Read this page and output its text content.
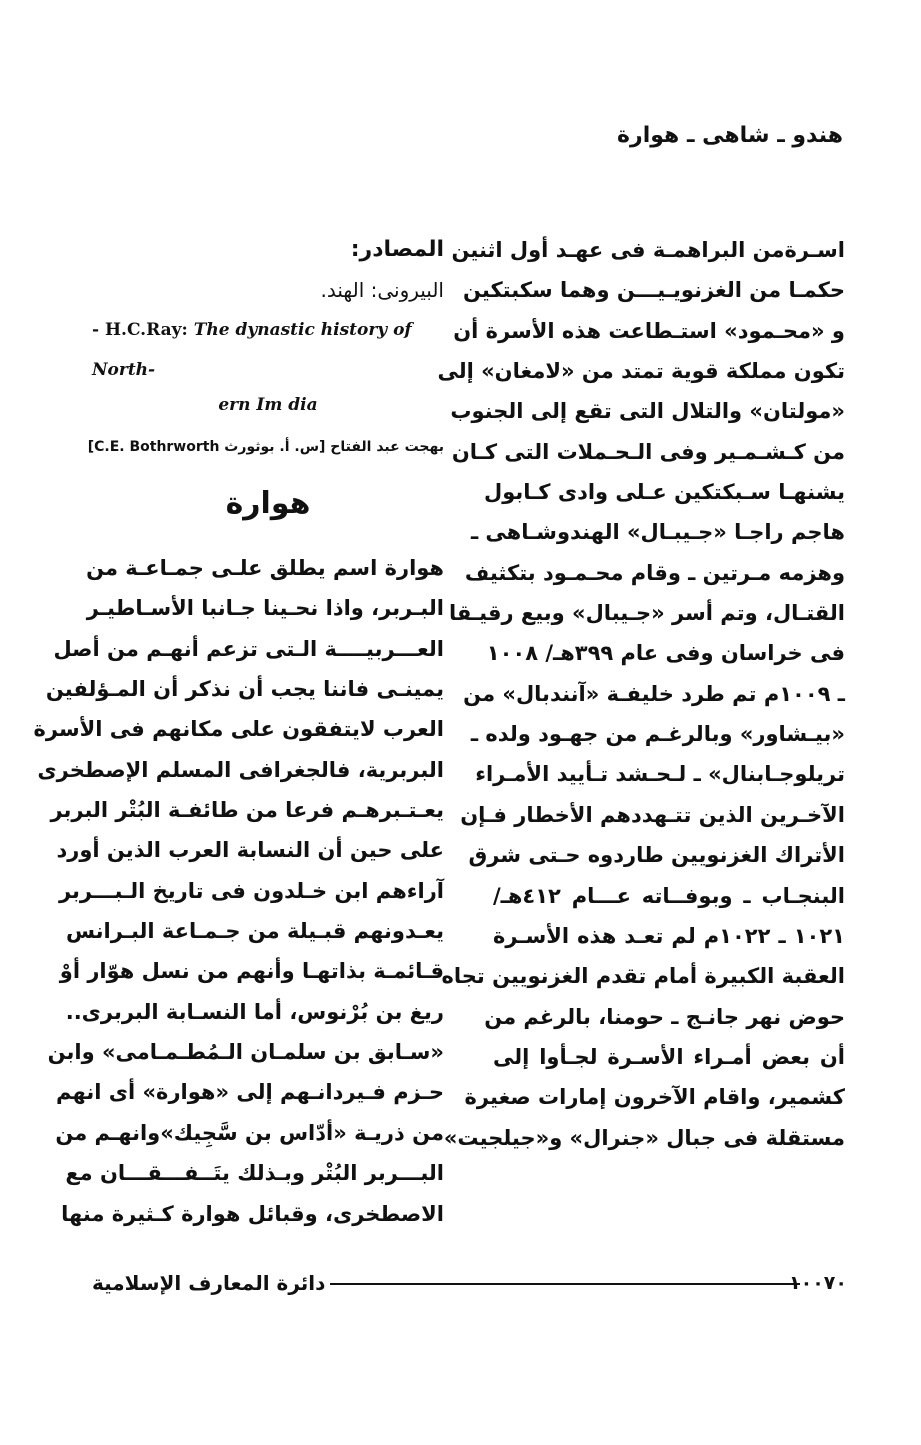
هندو ـ شاهى ـ هوارة
اسـرةمن البراهمـة فى عهـد أول اثنين
حكمـا من الغزنويـيـــن وهما سكبتكين
و «محـمود» استـطاعت هذه الأسرة أن
تكون مملكة قوية تمتد من «لامغان» إلى
«مولتان» والتلال التى تقع إلى الجنوب
من كـشـمـير وفى الـحـملات التى كـان
يشنهـا سـبكتكين عـلى وادى كـابول
هاجم راجـا «جـيبـال» الهندوشـاهى ـ
وهزمه مـرتين ـ وقام محـمـود بتكثيف
القتـال، وتم أسر «جـيبال» وبيع رقيـقا
فى خراسان وفى عام ٣٩٩هـ/ ١٠٠٨
ـ ١٠٠٩م تم طرد خليفـة «آنندبال» من
«بيـشاور» وبالرغـم من جهـود ولده ـ
تريلوجـابنال» ـ لـحـشد تـأييد الأمـراء
الآخـرين الذين تتـهددهم الأخطار فـإن
الأتراك الغزنويين طاردوه حـتى شرق
البنجـاب ـ وبوفــاته عـــام ٤١٢هـ/
١٠٢١ ـ ١٠٢٢م لم تعـد هذه الأسـرة
العقبة الكبيرة أمام تقدم الغزنويين تجاه
حوض نهر جانـج ـ حومنا، بالرغم من
أن بعض أمـراء الأسـرة لجـأوا إلى
كشمير، واقام الآخرون إمارات صغيرة
مستقلة فى جبال «جنرال» و«جيلجيت»
المصادر:
البيرونى: الهند.
- H.C.Ray: The dynastic history of North-
ern Im dia
بهجت عبد الفتاح [س. أ. بوثورث C.E. Bothrworth]
هوارة
هوارة اسم يطلق علـى جمـاعـة من
البـربر، واذا نحـينا جـانبا الأسـاطيـر
العـــربيــــة الـتى تزعم أنهـم من أصل
يمينـى فاننا يجب أن نذكر أن المـؤلفين
العرب لايتفقون على مكانهم فى الأسرة
البربرية، فالجغرافى المسلم الإصطخرى
يعـتـبرهـم فرعا من طائفـة البُتْر البربر
على حين أن النسابة العرب الذين أورد
آراءهم ابن خـلدون فى تاريخ الـبـــربر
يعـدونهم قبـيلة من جـمـاعة البـرانس
قـائمـة بذاتهـا وأنهم من نسل هوّار أوْ
ريغ بن بُرْنوس، أما النسـابة البربرى..
«سـابق بن سلمـان الـمُطـمـامى» وابن
حـزم فـيردانـهم إلى «هوارة» أى انهم
من ذريـة «أدّاس بن سَّجِيك»وانهـم من
البـــربر البُتْر وبـذلك يتَــفـــقـــان مع
الاصطخرى، وقبائل هوارة كـثيرة منها
١٠٠٧٠
دائرة المعارف الإسلامية
